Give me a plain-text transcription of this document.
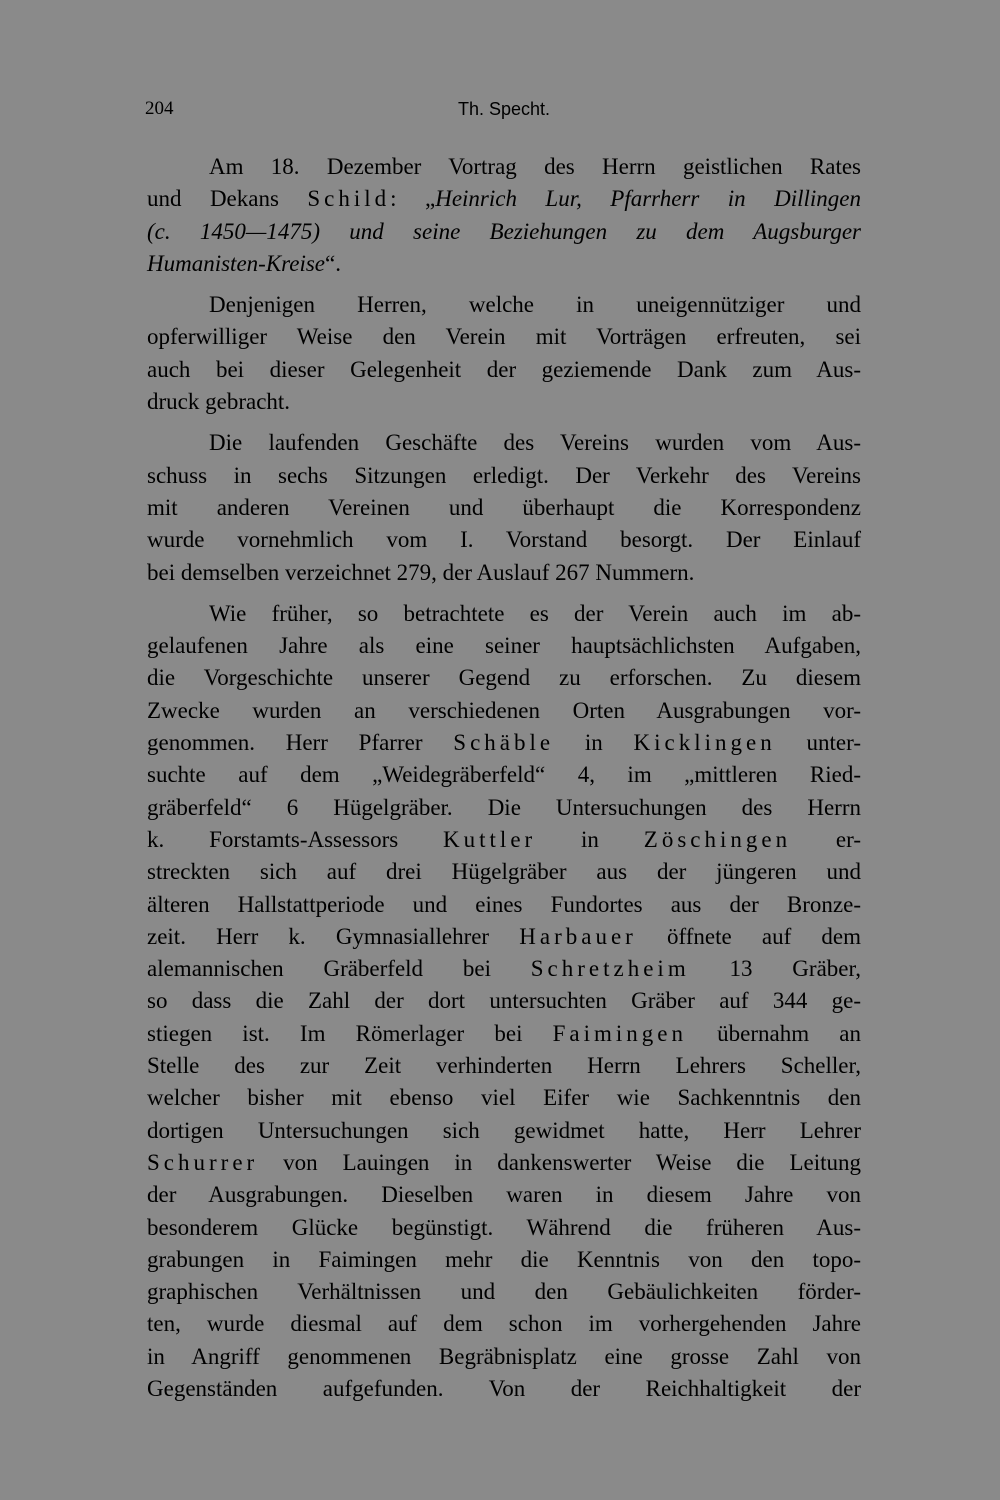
204	Th. Specht.
Am 18. Dezember Vortrag des Herrn geistlichen Rates
und Dekans Schild: „Heinrich Lur, Pfarrherr in Dillingen
(c. 1450—1475) und seine Beziehungen zu dem Augsburger
Humanisten-Kreise“.
Denjenigen Herren, welche in uneigennütziger und
opferwilliger Weise den Verein mit Vorträgen erfreuten, sei
auch bei dieser Gelegenheit der geziemende Dank zum Aus-
druck gebracht.
Die laufenden Geschäfte des Vereins wurden vom Aus-
schuss in sechs Sitzungen erledigt. Der Verkehr des Vereins
mit anderen Vereinen und überhaupt die Korrespondenz
wurde vornehmlich vom I. Vorstand besorgt. Der Einlauf
bei demselben verzeichnet 279, der Auslauf 267 Nummern.
Wie früher, so betrachtete es der Verein auch im ab-
gelaufenen Jahre als eine seiner hauptsächlichsten Aufgaben,
die Vorgeschichte unserer Gegend zu erforschen. Zu diesem
Zwecke wurden an verschiedenen Orten Ausgrabungen vor-
genommen. Herr Pfarrer Schäble in Kicklingen unter-
suchte auf dem „Weidegräberfeld“ 4, im „mittleren Ried-
gräberfeld“ 6 Hügelgräber. Die Untersuchungen des Herrn
k. Forstamts-Assessors Kuttler in Zöschingen er-
streckten sich auf drei Hügelgräber aus der jüngeren und
älteren Hallstattperiode und eines Fundortes aus der Bronze-
zeit. Herr k. Gymnasiallehrer Harbauer öffnete auf dem
alemannischen Gräberfeld bei Schretzheim 13 Gräber,
so dass die Zahl der dort untersuchten Gräber auf 344 ge-
stiegen ist. Im Römerlager bei Faimingen übernahm an
Stelle des zur Zeit verhinderten Herrn Lehrers Scheller,
welcher bisher mit ebenso viel Eifer wie Sachkenntnis den
dortigen Untersuchungen sich gewidmet hatte, Herr Lehrer
Schurrer von Lauingen in dankenswerter Weise die Leitung
der Ausgrabungen. Dieselben waren in diesem Jahre von
besonderem Glücke begünstigt. Während die früheren Aus-
grabungen in Faimingen mehr die Kenntnis von den topo-
graphischen Verhältnissen und den Gebäulichkeiten förder-
ten, wurde diesmal auf dem schon im vorhergehenden Jahre
in Angriff genommenen Begräbnisplatz eine grosse Zahl von
Gegenständen aufgefunden. Von der Reichhaltigkeit der
